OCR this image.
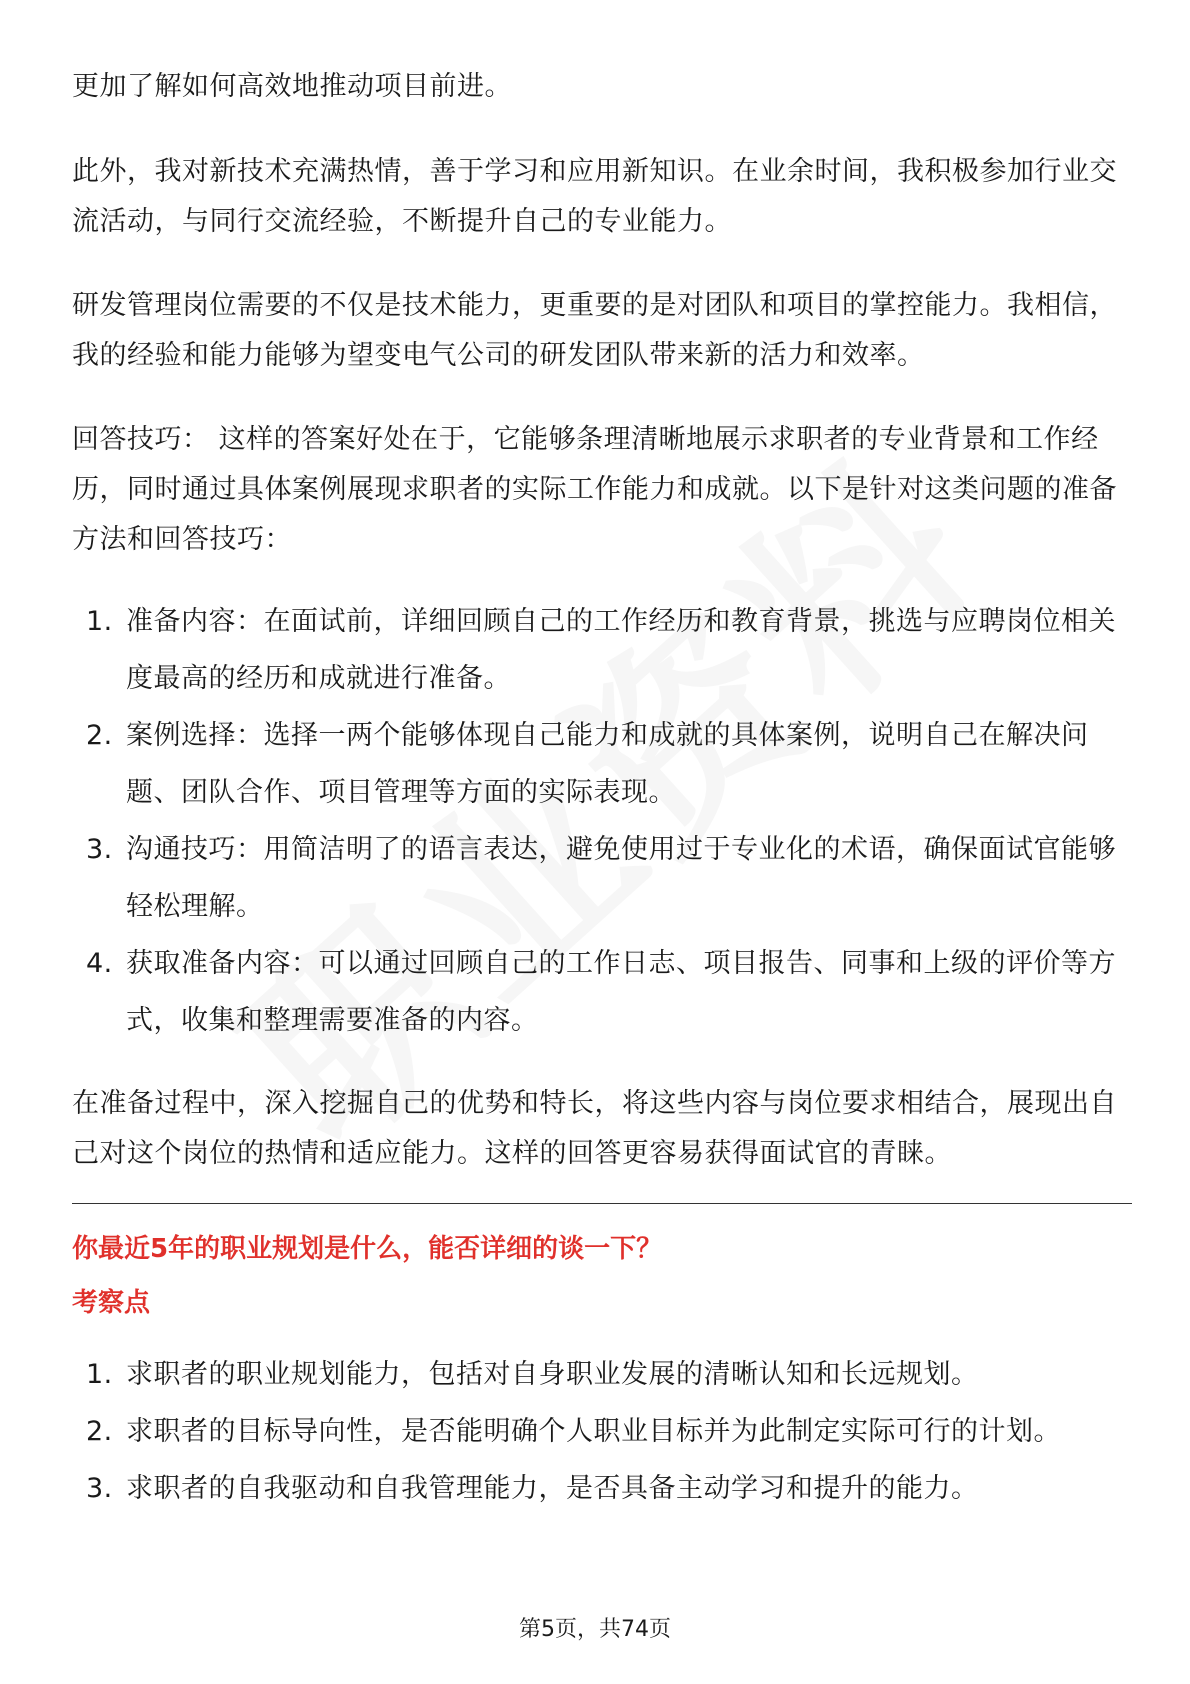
更加了解如何高效地推动项目前进。

此外，我对新技术充满热情，善于学习和应用新知识。在业余时间，我积极参加行业交流活动，与同行交流经验，不断提升自己的专业能力。

研发管理岗位需要的不仅是技术能力，更重要的是对团队和项目的掌控能力。我相信，我的经验和能力能够为望变电气公司的研发团队带来新的活力和效率。

回答技巧： 这样的答案好处在于，它能够条理清晰地展示求职者的专业背景和工作经历，同时通过具体案例展现求职者的实际工作能力和成就。以下是针对这类问题的准备方法和回答技巧：

1. 准备内容：在面试前，详细回顾自己的工作经历和教育背景，挑选与应聘岗位相关度最高的经历和成就进行准备。
2. 案例选择：选择一两个能够体现自己能力和成就的具体案例，说明自己在解决问题、团队合作、项目管理等方面的实际表现。
3. 沟通技巧：用简洁明了的语言表达，避免使用过于专业化的术语，确保面试官能够轻松理解。
4. 获取准备内容：可以通过回顾自己的工作日志、项目报告、同事和上级的评价等方式，收集和整理需要准备的内容。

在准备过程中，深入挖掘自己的优势和特长，将这些内容与岗位要求相结合，展现出自己对这个岗位的热情和适应能力。这样的回答更容易获得面试官的青睐。

你最近5年的职业规划是什么，能否详细的谈一下？

考察点

1. 求职者的职业规划能力，包括对自身职业发展的清晰认知和长远规划。
2. 求职者的目标导向性，是否能明确个人职业目标并为此制定实际可行的计划。
3. 求职者的自我驱动和自我管理能力，是否具备主动学习和提升的能力。
第5页，共74页
